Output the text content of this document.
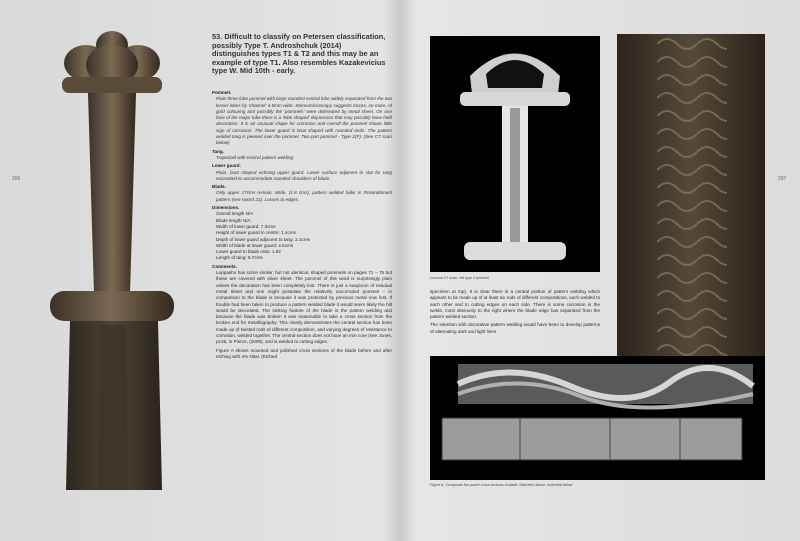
206	207
53. Difficult to classify on Petersen classification, possibly Type T. Androshchuk (2014) distinguishes types T1 & T2 and this may be an example of type T1. Also resembles Kazakevicius type W. Mid 10th - early.
Pommel.
Plain three lobe pommel with large rounded central lobe widely separated from the two lesser lobes by 'channel' 4.5mm wide. Stereomicroscopy suggests traces, no more, of gold colouring and possibly the 'pommels' were delineated by metal sheet. On one face of the major lobe there is a 'lobe shaped' depression that may possibly have held decoration. It is an unusual shape for corrosion and overall the pommel shows little sign of corrosion. The lower guard is boat shaped with rounded ends. The pattern welded tang is peened over the pommel. Two part pommel - Type 2(F). (See CT scan below)
Tang.
Trapezoid with central pattern welding
Lower guard.
Plain, boat shaped echoing upper guard. Lower surface adjacent to slot for tang excavated to accommodate rounded shoulders of blade.
Blade.
Only upper 17cms remain. Wide, (1.8 cms), pattern welded fuller in Rosendomast pattern (see sword 21). Losses to edges.
Dimensions.
Overall length N/A
Blade length N/A
Width of lower guard: 7.3cms
Height of lower guard in centre: 1.4cms
Depth of lower guard adjacent to tang: 2.1cms
Width of blade at lower guard: 4.5cms
Lower guard to blade ratio: 1.62
Length of tang: 9.7cms
Comments.
Leppasho has some similar, but not identical, shaped pommels on pages 71 – 75 but these are covered with silver sheet. The pommel of this word is surprisingly plain unless the decoration has been completely lost. There is just a suspicion of residual metal sheet and one might postulate the relatively uncorroded pommel – in comparison to the blade is because it was protected by precious metal now lost. If trouble had been taken to produce a pattern welded blade it would seem likely the hilt would be decorated. The striking feature of the blade is the pattern welding and because the blade was broken it was reasonable to take a cross section from the broken end for metallography. This clearly demonstrates the central section has been made up of twisted rods of different composition, and varying degrees of resistance to corrosion, welded together. The central section does not have an iron core (see Jones, p146, in Pierce, (2009), and is welded to cutting edges.
Figure A shows mounted and polished cross sections of the blade before and after etching with 4% Nital. (Etched
Coronal CT scan. Hilt type 2 pommel
specimen at top). It is clear there is a central portion of pattern welding which appears to be made up of at least six rods of different compositions, each welded to each other and to cutting edges on each side. There is some corrosion in the welds, most obviously to the right where the blade edge has separated from the pattern welded section.
The intention with decorative pattern welding would have been to develop patterns of alternating dark and light lines
Figure A. Composite low power cross sections of blade. Nital etch above, unetched below
